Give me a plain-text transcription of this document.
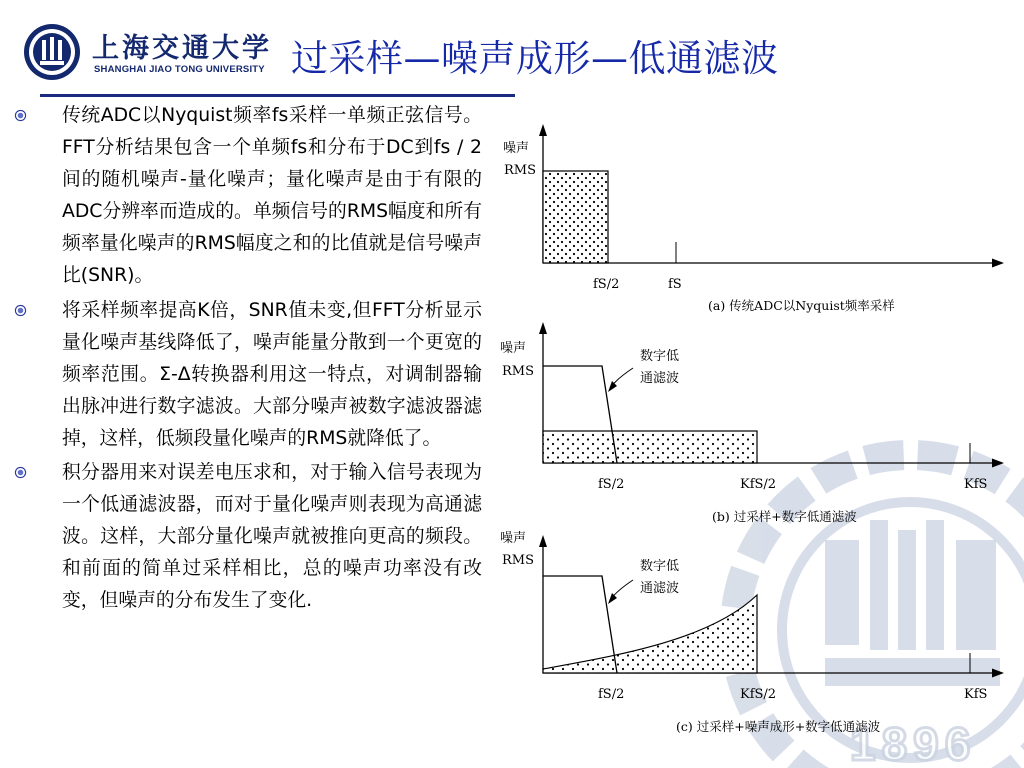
1896
上海交通大学
SHANGHAI JIAO TONG UNIVERSITY 过采样—噪声成形—低通滤波
传统ADC以Nyquist频率fs采样一单频正弦信号。FFT分析结果包含一个单频fs和分布于DC到fs / 2间的随机噪声-量化噪声；量化噪声是由于有限的ADC分辨率而造成的。单频信号的RMS幅度和所有频率量化噪声的RMS幅度之和的比值就是信号噪声比(SNR)。
将采样频率提高K倍，SNR值未变,但FFT分析显示量化噪声基线降低了，噪声能量分散到一个更宽的频率范围。Σ-Δ转换器利用这一特点，对调制器输出脉冲进行数字滤波。大部分噪声被数字滤波器滤掉，这样，低频段量化噪声的RMS就降低了。
积分器用来对误差电压求和，对于输入信号表现为一个低通滤波器，而对于量化噪声则表现为高通滤波。这样，大部分量化噪声就被推向更高的频段。和前面的简单过采样相比，总的噪声功率没有改变，但噪声的分布发生了变化.
噪声
RMS
fS/2	fS
(a) 传统ADC以Nyquist频率采样
噪声
RMS
数字低
通滤波
fS/2	KfS/2	KfS
(b) 过采样+数字低通滤波
噪声
RMS	数字低
通滤波
fS/2	KfS/2	KfS
(c) 过采样+噪声成形+数字低通滤波
